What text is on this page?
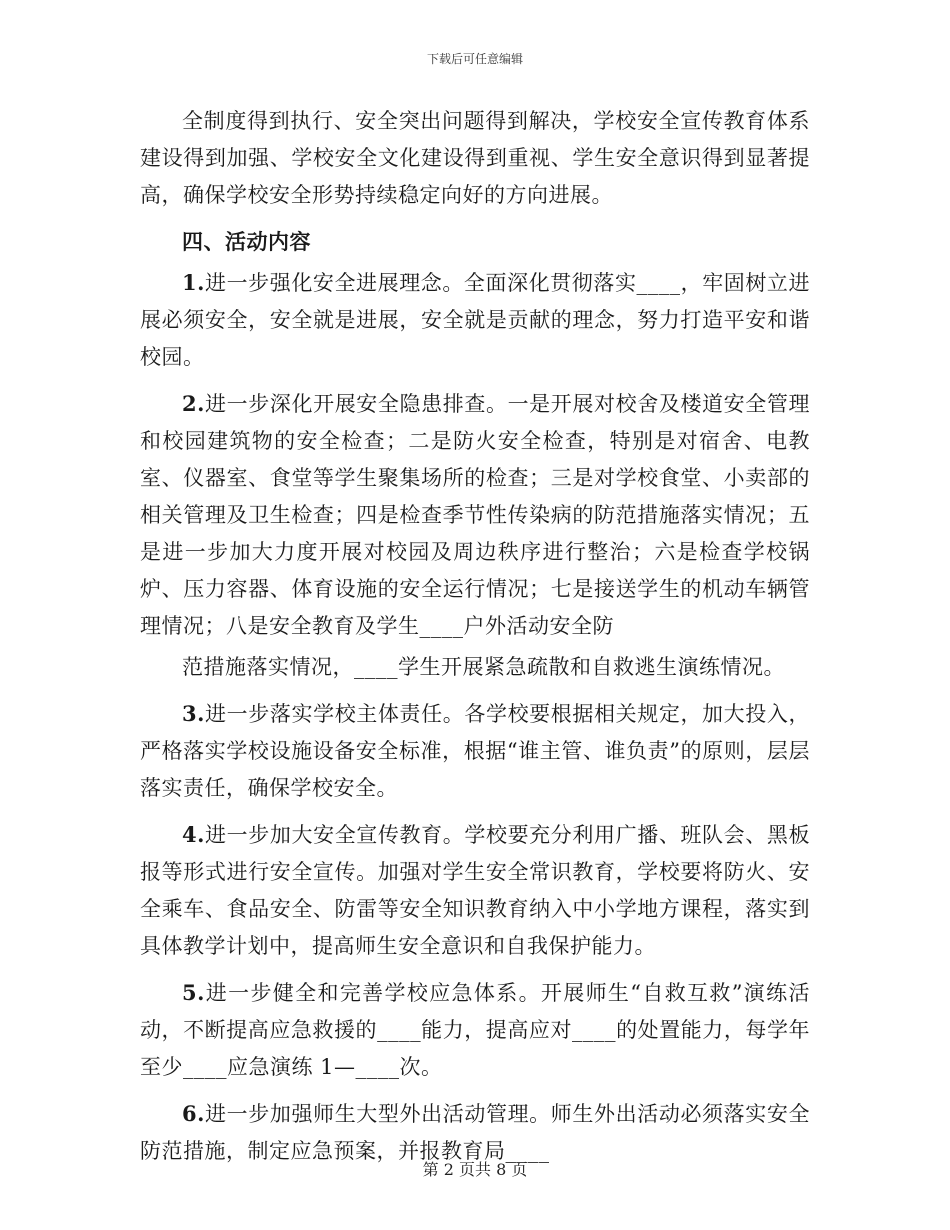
下载后可任意编辑

全制度得到执行、安全突出问题得到解决，学校安全宣传教育体系建设得到加强、学校安全文化建设得到重视、学生安全意识得到显著提高，确保学校安全形势持续稳定向好的方向进展。

四、活动内容

1.进一步强化安全进展理念。全面深化贯彻落实____，牢固树立进展必须安全，安全就是进展，安全就是贡献的理念，努力打造平安和谐校园。

2.进一步深化开展安全隐患排查。一是开展对校舍及楼道安全管理和校园建筑物的安全检查；二是防火安全检查，特别是对宿舍、电教室、仪器室、食堂等学生聚集场所的检查；三是对学校食堂、小卖部的相关管理及卫生检查；四是检查季节性传染病的防范措施落实情况；五是进一步加大力度开展对校园及周边秩序进行整治；六是检查学校锅炉、压力容器、体育设施的安全运行情况；七是接送学生的机动车辆管理情况；八是安全教育及学生____户外活动安全防

范措施落实情况，____学生开展紧急疏散和自救逃生演练情况。

3.进一步落实学校主体责任。各学校要根据相关规定，加大投入，严格落实学校设施设备安全标准，根据“谁主管、谁负责”的原则，层层落实责任，确保学校安全。

4.进一步加大安全宣传教育。学校要充分利用广播、班队会、黑板报等形式进行安全宣传。加强对学生安全常识教育，学校要将防火、安全乘车、食品安全、防雷等安全知识教育纳入中小学地方课程，落实到具体教学计划中，提高师生安全意识和自我保护能力。

5.进一步健全和完善学校应急体系。开展师生“自救互救”演练活动，不断提高应急救援的____能力，提高应对____的处置能力，每学年至少____应急演练 1—____次。

6.进一步加强师生大型外出活动管理。师生外出活动必须落实安全防范措施，制定应急预案，并报教育局____

第 2 页共 8 页
